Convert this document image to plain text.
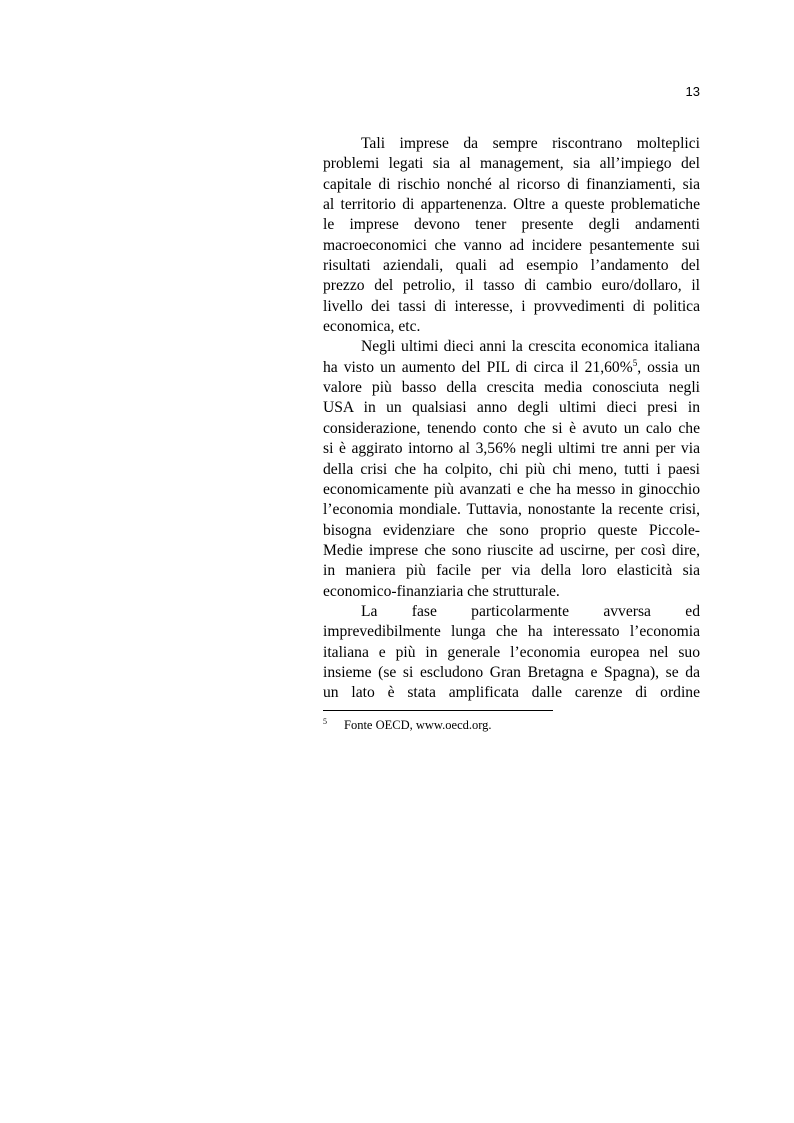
13

Tali imprese da sempre riscontrano molteplici
problemi legati sia al management, sia all’impiego del
capitale di rischio nonché al ricorso di finanziamenti, sia
al territorio di appartenenza. Oltre a queste problematiche
le imprese devono tener presente degli andamenti
macroeconomici che vanno ad incidere pesantemente sui
risultati aziendali, quali ad esempio l’andamento del
prezzo del petrolio, il tasso di cambio euro/dollaro, il
livello dei tassi di interesse, i provvedimenti di politica
economica, etc.

Negli ultimi dieci anni la crescita economica italiana
ha visto un aumento del PIL di circa il 21,60%$^5$, ossia un
valore più basso della crescita media conosciuta negli
USA in un qualsiasi anno degli ultimi dieci presi in
considerazione, tenendo conto che si è avuto un calo che
si è aggirato intorno al 3,56% negli ultimi tre anni per via
della crisi che ha colpito, chi più chi meno, tutti i paesi
economicamente più avanzati e che ha messo in ginocchio
l’economia mondiale. Tuttavia, nonostante la recente crisi,
bisogna evidenziare che sono proprio queste Piccole-
Medie imprese che sono riuscite ad uscirne, per così dire,
in maniera più facile per via della loro elasticità sia
economico-finanziaria che strutturale.

La fase particolarmente avversa ed
imprevedibilmente lunga che ha interessato l’economia
italiana e più in generale l’economia europea nel suo
insieme (se si escludono Gran Bretagna e Spagna), se da
un lato è stata amplificata dalle carenze di ordine

5 Fonte OECD, www.oecd.org.
